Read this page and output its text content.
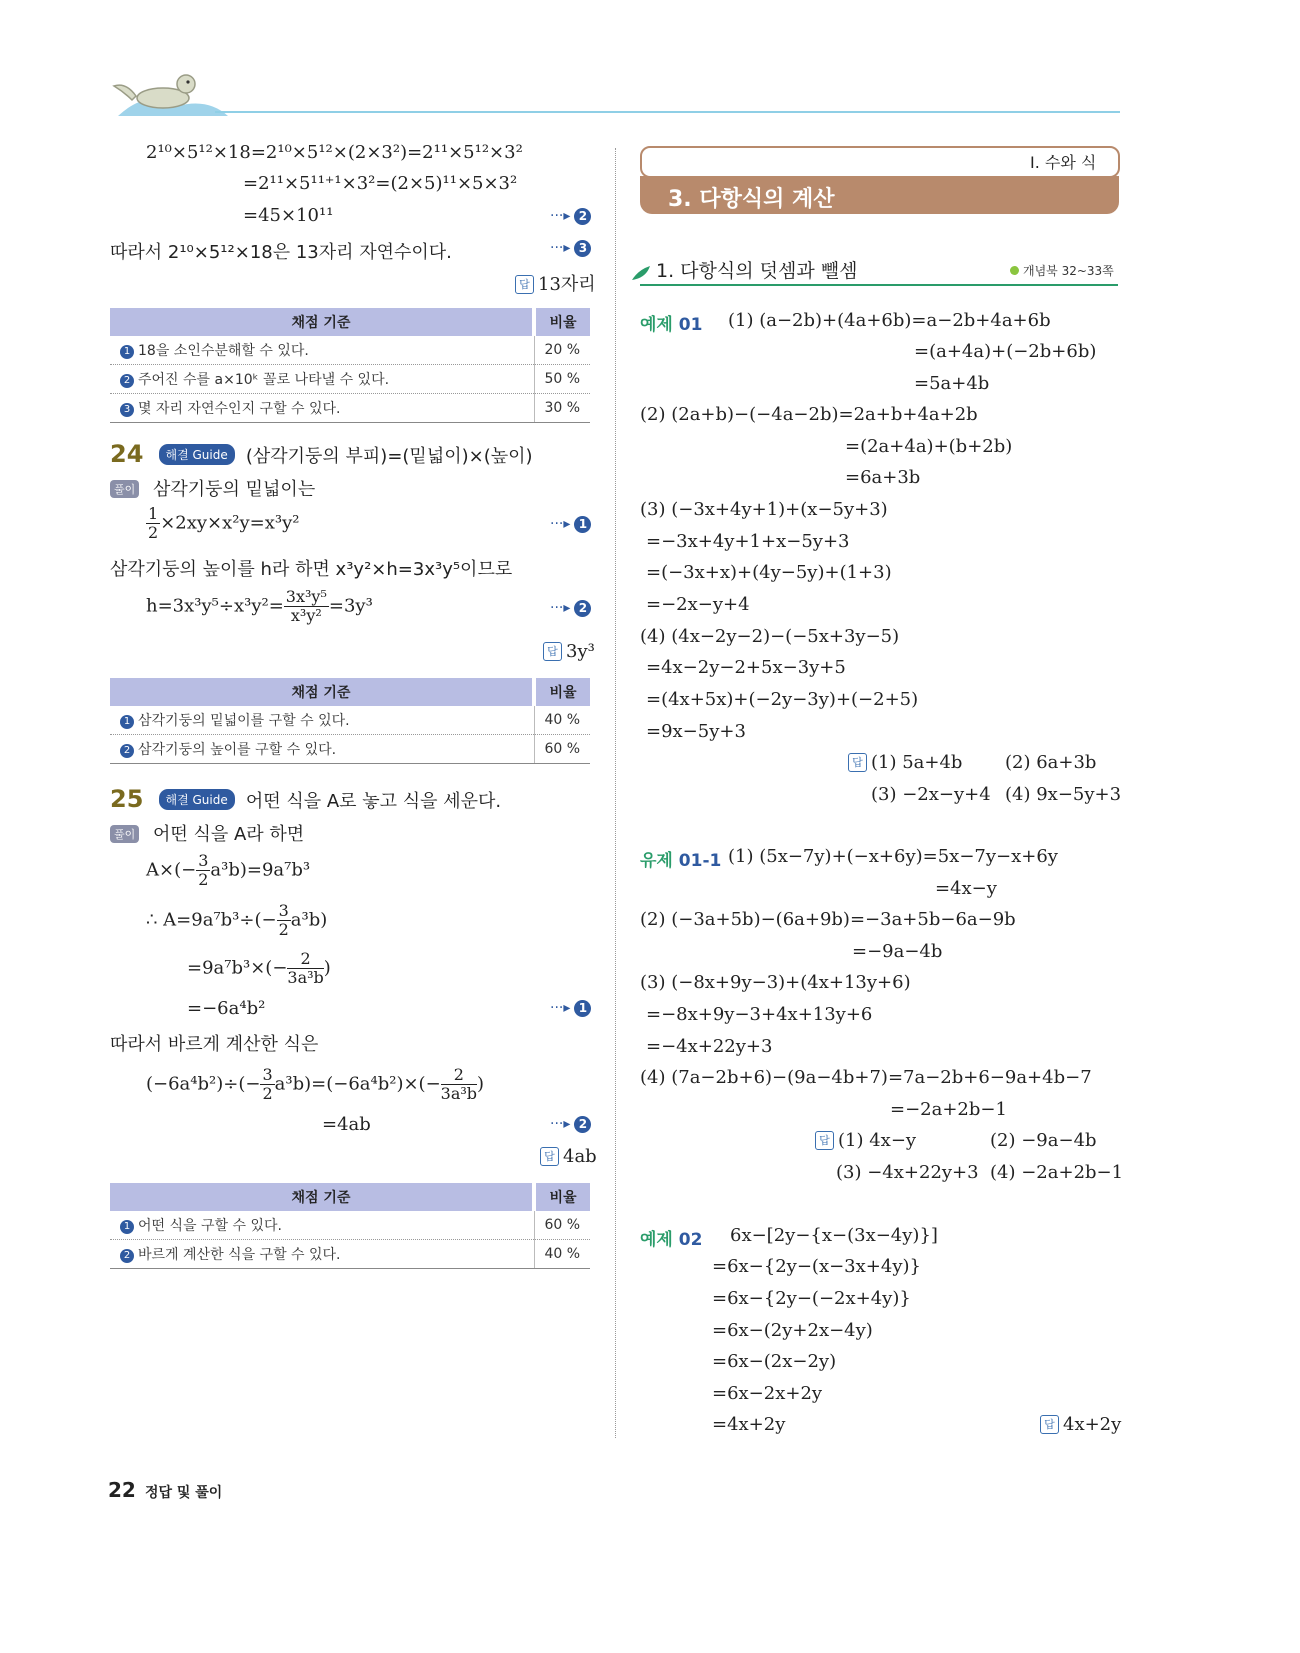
2¹⁰×5¹²×18=2¹⁰×5¹²×(2×3²)=2¹¹×5¹²×3²
=2¹¹×5¹¹⁺¹×3²=(2×5)¹¹×5×3²
=45×10¹¹	···▸ 2
따라서 2¹⁰×5¹²×18은 13자리 자연수이다.	···▸ 3
답 13자리
채점 기준	비율
1 18을 소인수분해할 수 있다.	20 %
2 주어진 수를 a×10ᵏ 꼴로 나타낼 수 있다.	50 %
3 몇 자리 자연수인지 구할 수 있다.	30 %
24 해결 Guide (삼각기둥의 부피)=(밑넓이)×(높이)
풀이 삼각기둥의 밑넓이는
$\frac{1}{2} \times 2xy\times x^2y=x^3y^2$	···▸ 1
삼각기둥의 높이를 h라 하면 x³y²×h=3x³y⁵이므로
$h=3x^3y^5\div x^3y^2= \frac{\text{3x³y⁵}}{\text{x³y²}} =3y^3$	···▸ 2
답 3y³
채점 기준	비율
1 삼각기둥의 밑넓이를 구할 수 있다.	40 %
2 삼각기둥의 높이를 구할 수 있다.	60 %
25 해결 Guide 어떤 식을 A로 놓고 식을 세운다.
풀이 어떤 식을 A라 하면
$A\times(- \frac{3}{2} a^3b)=9a^7b^3$
∴ $A=9a^7b^3\div(- \frac{3}{2} a^3b)$
$=9a^7b^3\times(- \frac{2}{\text{3a³b}}$ )
=−6a⁴b²	···▸ 1
따라서 바르게 계산한 식은
$(-6a^4b^2)\div(- \frac{3}{2} a^3b)=(-6a^4b^2)\times(- \frac{2}{\text{3a³b}}$ )
=4ab	···▸ 2
답 4ab
채점 기준	비율
1 어떤 식을 구할 수 있다.	60 %
2 바르게 계산한 식을 구할 수 있다.	40 %
Ⅰ. 수와 식
3. 다항식의 계산
1. 다항식의 덧셈과 뺄셈	개념북 32~33쪽
예제 01 (1) (a−2b)+(4a+6b)=a−2b+4a+6b
=(a+4a)+(−2b+6b)
=5a+4b
(2) (2a+b)−(−4a−2b)=2a+b+4a+2b
=(2a+4a)+(b+2b)
=6a+3b
(3) (−3x+4y+1)+(x−5y+3)
=−3x+4y+1+x−5y+3
=(−3x+x)+(4y−5y)+(1+3)
=−2x−y+4
(4) (4x−2y−2)−(−5x+3y−5)
=4x−2y−2+5x−3y+5
=(4x+5x)+(−2y−3y)+(−2+5)
=9x−5y+3
답 (1) 5a+4b (2) 6a+3b
(3) −2x−y+4 (4) 9x−5y+3
유제 01-1 (1) (5x−7y)+(−x+6y)=5x−7y−x+6y
=4x−y
(2) (−3a+5b)−(6a+9b)=−3a+5b−6a−9b
=−9a−4b
(3) (−8x+9y−3)+(4x+13y+6)
=−8x+9y−3+4x+13y+6
=−4x+22y+3
(4) (7a−2b+6)−(9a−4b+7)=7a−2b+6−9a+4b−7
=−2a+2b−1
답 (1) 4x−y	(2) −9a−4b
(3) −4x+22y+3 (4) −2a+2b−1
예제 02 6x−[2y−{x−(3x−4y)}]
=6x−{2y−(x−3x+4y)}
=6x−{2y−(−2x+4y)}
=6x−(2y+2x−4y)
=6x−(2x−2y)
=6x−2x+2y
=4x+2y	답 4x+2y
22 정답 및 풀이
